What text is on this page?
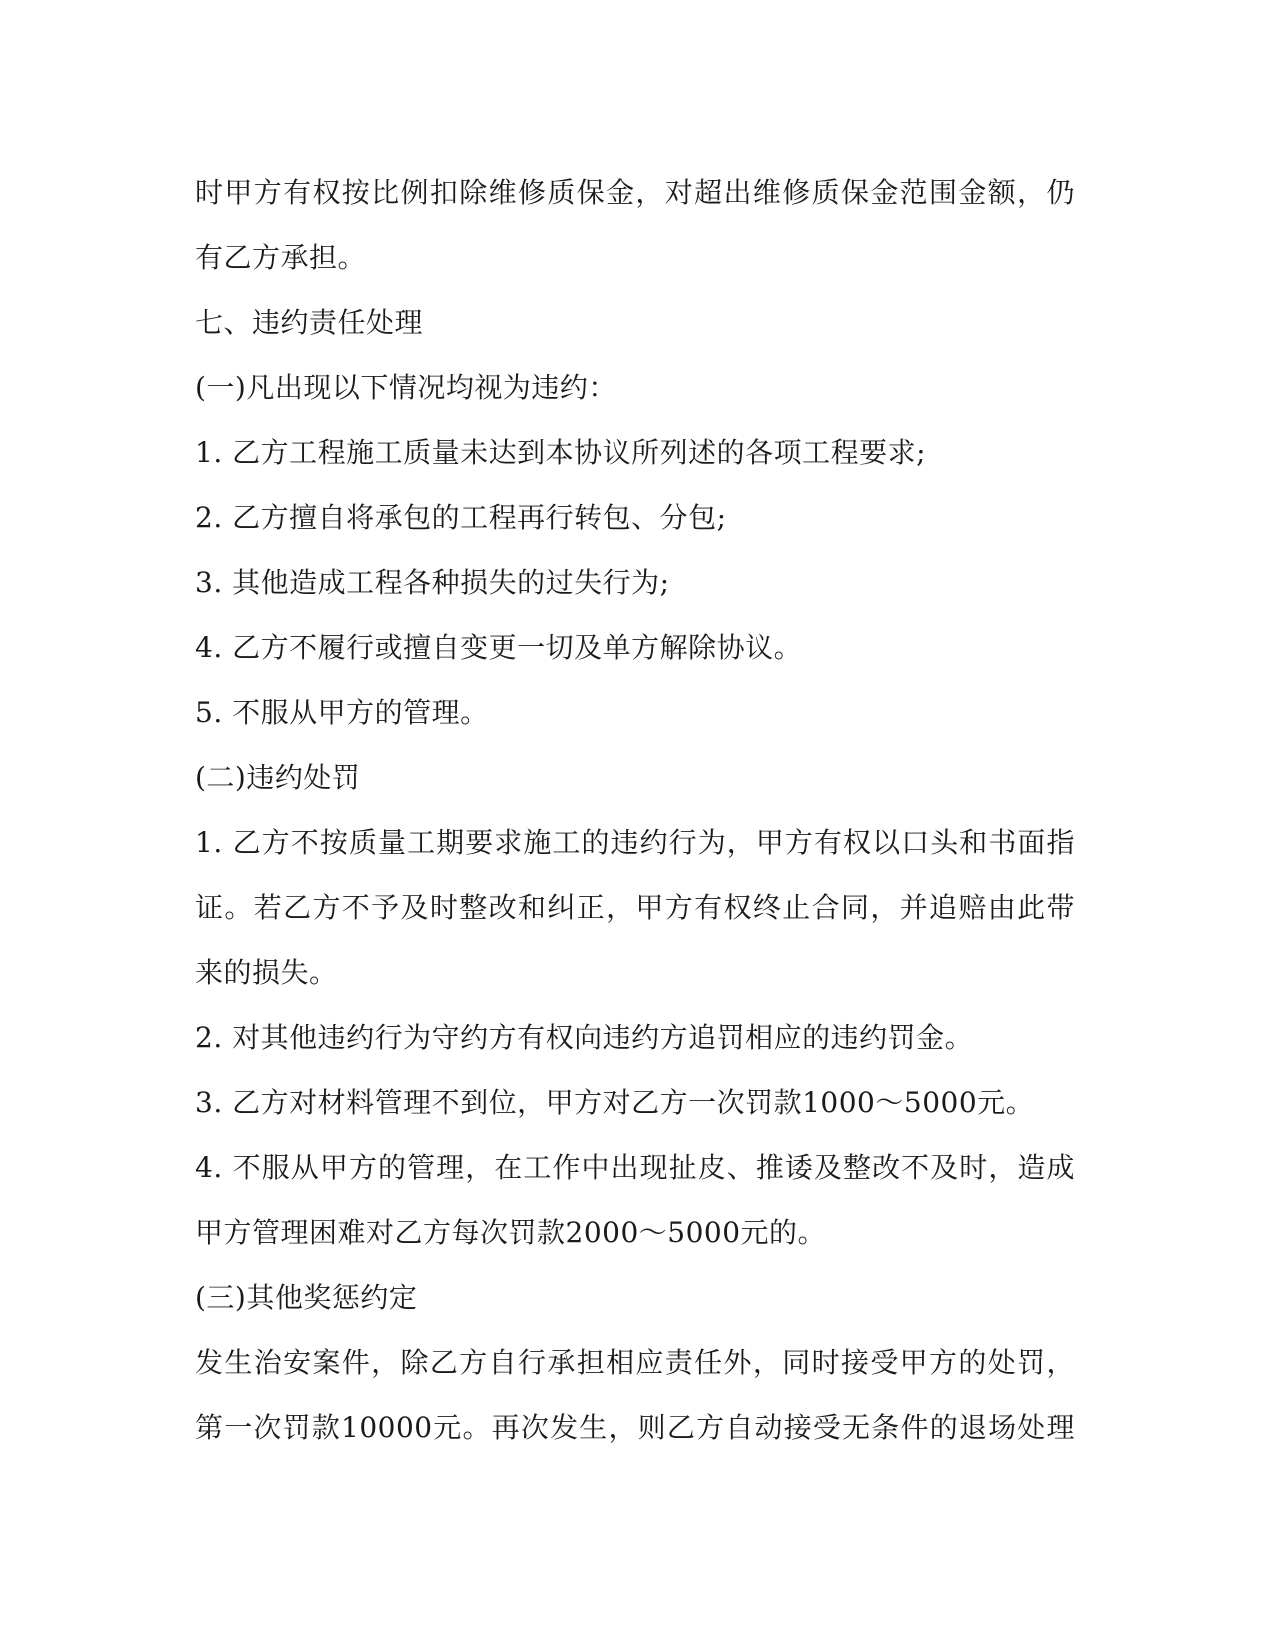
时甲方有权按比例扣除维修质保金，对超出维修质保金范围金额，仍
有乙方承担。
七、违约责任处理
(一)凡出现以下情况均视为违约：
1. 乙方工程施工质量未达到本协议所列述的各项工程要求;
2. 乙方擅自将承包的工程再行转包、分包;
3. 其他造成工程各种损失的过失行为;
4. 乙方不履行或擅自变更一切及单方解除协议。
5. 不服从甲方的管理。
(二)违约处罚
1. 乙方不按质量工期要求施工的违约行为，甲方有权以口头和书面指
证。若乙方不予及时整改和纠正，甲方有权终止合同，并追赔由此带
来的损失。
2. 对其他违约行为守约方有权向违约方追罚相应的违约罚金。
3. 乙方对材料管理不到位，甲方对乙方一次罚款1000～5000元。
4. 不服从甲方的管理，在工作中出现扯皮、推诿及整改不及时，造成
甲方管理困难对乙方每次罚款2000～5000元的。
(三)其他奖惩约定
发生治安案件，除乙方自行承担相应责任外，同时接受甲方的处罚，
第一次罚款10000元。再次发生，则乙方自动接受无条件的退场处理
